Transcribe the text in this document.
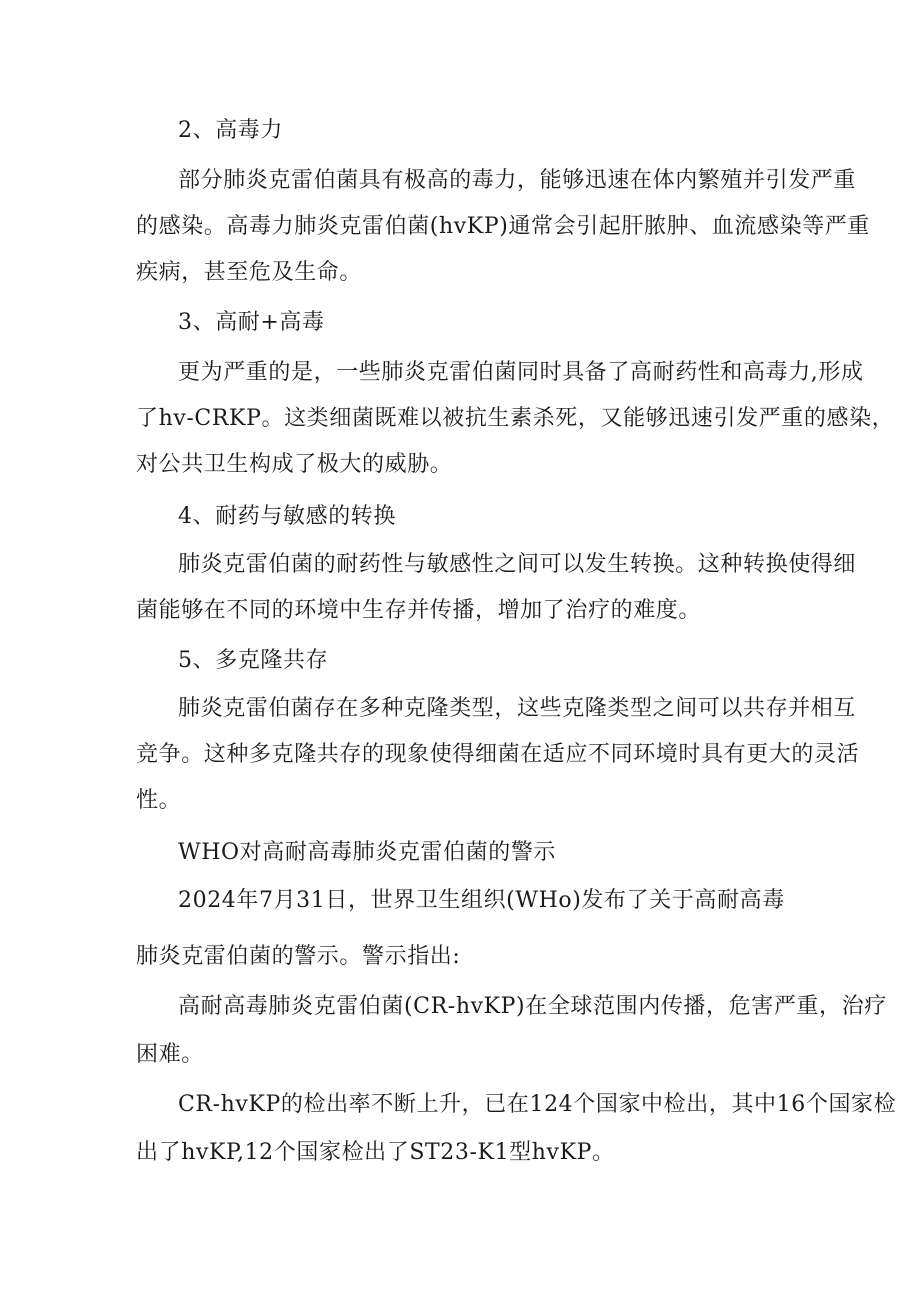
2、高毒力
部分肺炎克雷伯菌具有极高的毒力，能够迅速在体内繁殖并引发严重
的感染。高毒力肺炎克雷伯菌(hvKP)通常会引起肝脓肿、血流感染等严重
疾病，甚至危及生命。
3、高耐+高毒
更为严重的是，一些肺炎克雷伯菌同时具备了高耐药性和高毒力,形成
了hv-CRKP。这类细菌既难以被抗生素杀死，又能够迅速引发严重的感染，
对公共卫生构成了极大的威胁。
4、耐药与敏感的转换
肺炎克雷伯菌的耐药性与敏感性之间可以发生转换。这种转换使得细
菌能够在不同的环境中生存并传播，增加了治疗的难度。
5、多克隆共存
肺炎克雷伯菌存在多种克隆类型，这些克隆类型之间可以共存并相互
竞争。这种多克隆共存的现象使得细菌在适应不同环境时具有更大的灵活
性。
WHO对高耐高毒肺炎克雷伯菌的警示
2024年7月31日，世界卫生组织(WHo)发布了关于高耐高毒
肺炎克雷伯菌的警示。警示指出:
高耐高毒肺炎克雷伯菌(CR-hvKP)在全球范围内传播，危害严重，治疗
困难。
CR-hvKP的检出率不断上升，已在124个国家中检出，其中16个国家检
出了hvKP,12个国家检出了ST23-K1型hvKP。
